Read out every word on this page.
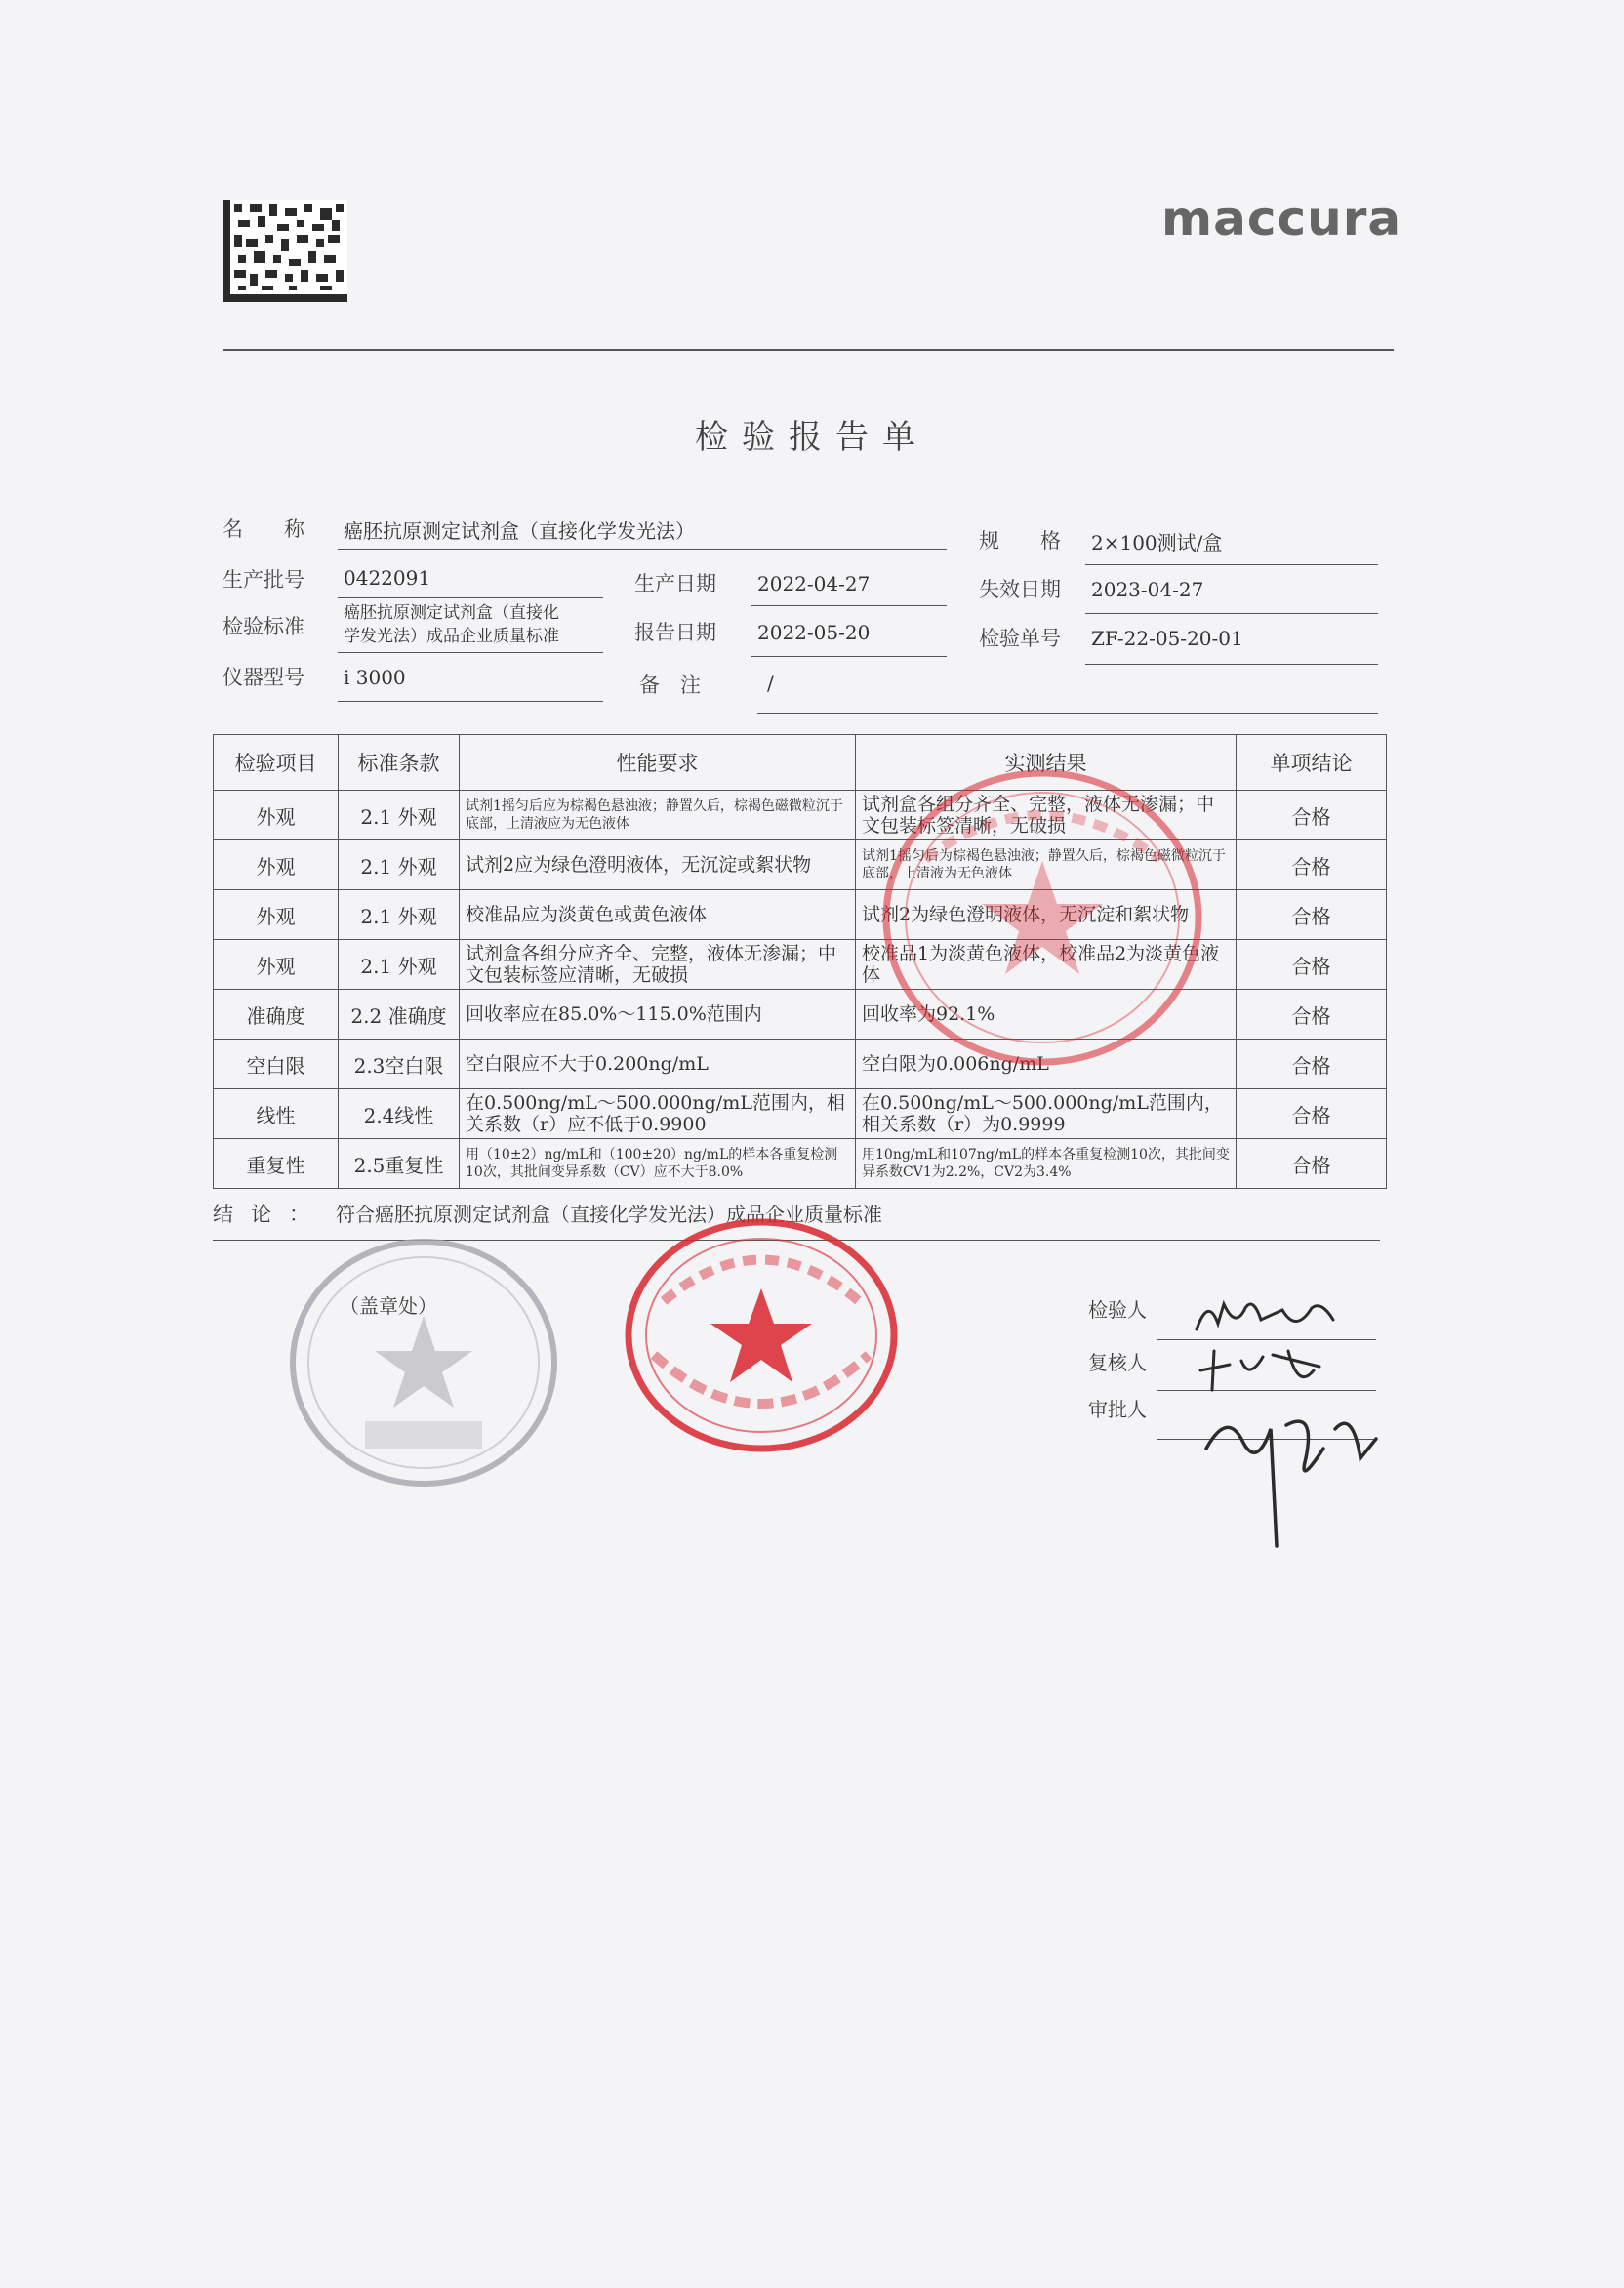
maccura
检验报告单
名　　称 癌胚抗原测定试剂盒（直接化学发光法）	规　　格 2×100测试/盒
生产批号 0422091	生产日期 2022-04-27	失效日期 2023-04-27
检验标准
癌胚抗原测定试剂盒（直接化
学发光法）成品企业质量标准	报告日期 2022-05-20	检验单号 ZF-22-05-20-01
仪器型号 i 3000	备　注	/
检验项目	标准条款	性能要求	实测结果	单项结论
外观	2.1 外观	试剂1摇匀后应为棕褐色悬浊液；静置久后，棕褐色磁微粒沉于底部，上清液应为无色液体	试剂盒各组分齐全、完整，液体无渗漏；中文包装标签清晰，无破损	合格
外观	2.1 外观	试剂2应为绿色澄明液体，无沉淀或絮状物	试剂1摇匀后为棕褐色悬浊液；静置久后，棕褐色磁微粒沉于底部，上清液为无色液体	合格
外观	2.1 外观	校准品应为淡黄色或黄色液体	试剂2为绿色澄明液体，无沉淀和絮状物	合格
外观	2.1 外观	试剂盒各组分应齐全、完整，液体无渗漏；中文包装标签应清晰，无破损	校准品1为淡黄色液体，校准品2为淡黄色液体	合格
准确度	2.2 准确度	回收率应在85.0%～115.0%范围内	回收率为92.1%	合格
空白限	2.3空白限	空白限应不大于0.200ng/mL	空白限为0.006ng/mL	合格
线性	2.4线性	在0.500ng/mL～500.000ng/mL范围内，相关系数（r）应不低于0.9900	在0.500ng/mL～500.000ng/mL范围内，相关系数（r）为0.9999	合格
重复性	2.5重复性	用（10±2）ng/mL和（100±20）ng/mL的样本各重复检测10次，其批间变异系数（CV）应不大于8.0%	用10ng/mL和107ng/mL的样本各重复检测10次，其批间变异系数CV1为2.2%，CV2为3.4%	合格
结论： 符合癌胚抗原测定试剂盒（直接化学发光法）成品企业质量标准
（盖章处）	检验人
复核人
审批人
